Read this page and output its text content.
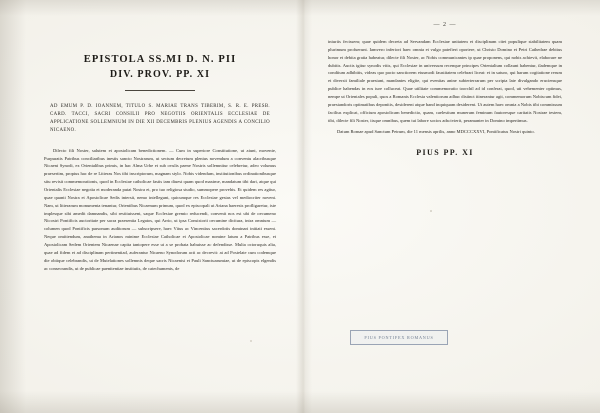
EPISTOLA SS.MI D. N. PII
DIV. PROV. PP. XI
AD EMUM P. D. IOANNEM, TITULO S. MARIAE TRANS TIBERIM, S. R. E. PRESB. CARD. TACCI, SACRI CONSILII PRO NEGOTIIS ORIENTALIS ECCLESIAE DE APPLICATIONE SOLLEMNIUM IN DIE XII DECEMBRIS PLENIUS AGENDIS A CONCILIO NICAENO.
Dilecto fili Noster, salutem et apostolicam benedictionem. — Cum in superiore Constitutione, ut aiunt, movente, Purpuratis Patribus conciliaribus inestis sancto Nostrarum, ut sectum decretum plenius novendum a conventu alacribusque Nicaeni Synodi, ex Orientalibus primis, in hac Alma Urbe et sub ovulis paene Nostris sollemnitur celebretur, adeo volumus praesertim, propius hac de re Litteras Nos tibi inscriptorum, magnam stylo. Nobis videndum, institutionibus ordinationibusque situ revisit commemorationis, quod in Ecclesiae catholicae fastis iam diuest quam quod maxime, mandatum tibi dari, atque qui Orientalis Ecclesiae negotia et moderanda putat Nostra et, pro tuo religiosa studio, summopere provehis. Et quidem res agitur, quae quanti Nostra et Apostolicae Sedis intersit, nemo intellegunt, quicumque res Ecclesiae gestas vel mediocriter novent. Nam, ut litterarum monumenta tenantur, Orientibus Nicaenum primum, quod ex episcopali ut Ariana haeresis profligaretur, iste implesque sibi amedit damnandis, sibi restituissent, saque Ecclesiae gremio reducendi, convenit nos est ubi de oecumeno Nicostri Pontificis auctoritate per sacra praesentia Legatos, qui Arrio, ut ipsa Consistorii oecumine dicitura, intra omnium — columen quod Pontificis parsonum auditorum — subscripsere, haec Vitus ac Vincentius sacerdotis dominari initiati essent. Neque omittendum, anathema in Arianos minime Ecclesiae Catholicae et Apostolicae nomine latum a Patribus esse, et Apostolicam Sedem Orientem Nicaenae capita tantopere esse ut a se probata habuisse ac defendisse. Multa octoruquis alia, quae ad fidem et ad disciplinam pertinentiad, auferantur Nicaeno Synodorum acti ac decrevit: at ad Postelate cum codemque die obiique celebrandis, ut de Mutelationes sollemnis deque sacris Nicaenisi et Pauli Sanctuarumiae, ut de episcopis elgendis ac consecrandis, ut de publicae paenitentiae institutis, de catechumenis, de
— 2 —
iniuriis fecissem; quae quidem decreta ad Servandam Ecclesiae unitatem et disciplinam citet populique stabilitatem quam plurimum profuerunt. Iamvero inferiori haec omnia et vulgo patefieri oportere, ut Christo Domino et Petri Cathedrae debitus honor et debita gratia habeatur, dilecte fili Noster, ac Nobis communicantes ip quae proponens, qui nobis achievit, elaborare ne dubitis. Auctis igitur synodis vitis, qui Ecclesiae in universum recenque principes Orientalium collaunt habentur, ilademque in condiium adhibitis, videas quo pacto sanctiorem eiusmodi faustitatem celebrari liceat: et in saturo, qui harum cogitatione rerum et diversit familiale praestant, mandantes eligite, qui evenitas anine subterterrarum per scripta late divulgando eruciensque publice habendas in eos iure colluceat. Quae utilitate commemoratio toorchil ad id conferat, quod, uti vehementer optimus, nempe ut Orientales populi, quos a Romanis Ecclesia valentiorum adhuc distinct itinerantur agit, commemorum Nobiscum fidei, praestandoris optimatibus deponitis, desiderent atque band inquiquam desiderent. Ut autem haec omnia a Nobis tibi commissum facilius explicat, officium apostolicam benedictio, quam, caelestium munerum feminum fautoresque caritatis Nostrae testem, tibi, dilecte fili Noster, iisque omnibus, quem tui labore socios adscivierit, peramanter in Domino impertimus.
Datum Romae apud Sanctum Petrum, die 11 mensis aprilis, anno MDCCCXXVI, Pontificatus Nostri quinto.
PIUS PP. XI
PIUS PONTIFEX ROMANUS
